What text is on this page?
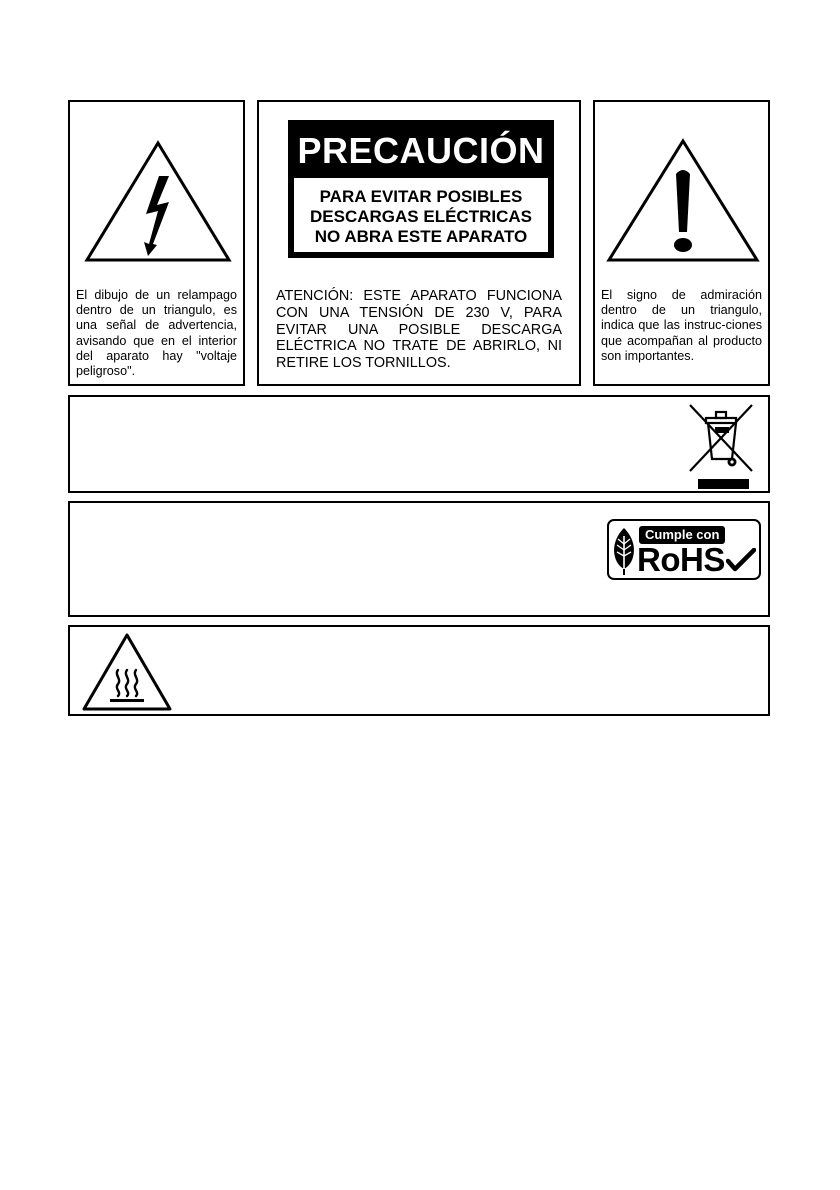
El dibujo de un relampago dentro de un triangulo, es una señal de advertencia, avisando que en el interior del aparato hay "voltaje peligroso".
PRECAUCIÓN
PARA EVITAR POSIBLES
DESCARGAS ELÉCTRICAS
NO ABRA ESTE APARATO
ATENCIÓN: ESTE APARATO FUNCIONA CON UNA TENSIÓN DE 230 V, PARA EVITAR UNA POSIBLE DESCARGA ELÉCTRICA NO TRATE DE ABRIRLO, NI RETIRE LOS TORNILLOS.
El signo de admiración dentro de un triangulo, indica que las instruc-ciones que acompañan al producto son importantes.
Cumple con
RoHS
